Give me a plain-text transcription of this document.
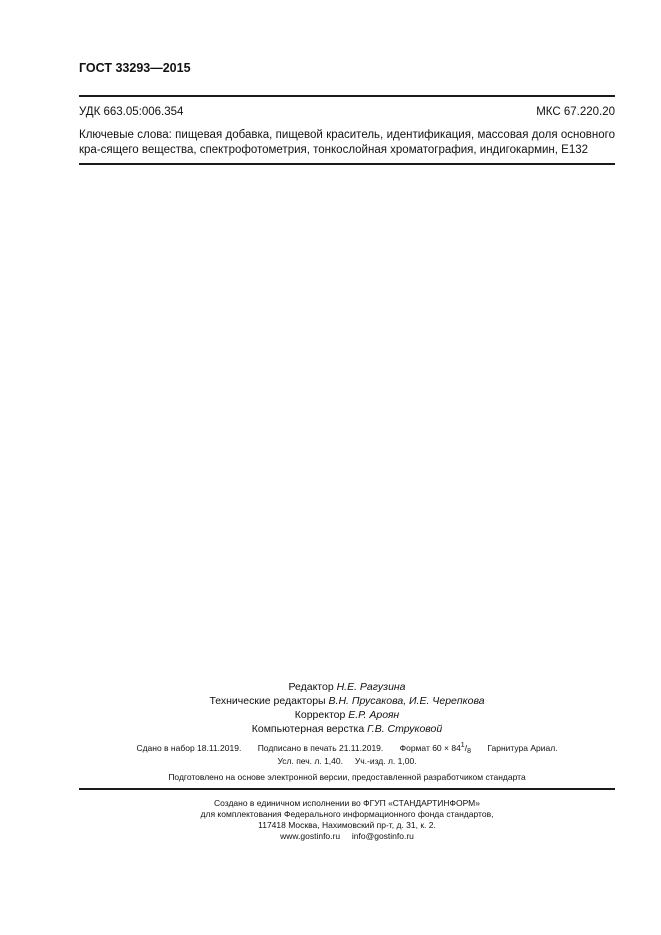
ГОСТ 33293—2015
УДК 663.05:006.354	МКС 67.220.20
Ключевые слова: пищевая добавка, пищевой краситель, идентификация, массовая доля основного кра-сящего вещества, спектрофотометрия, тонкослойная хроматография, индигокармин, E132
Редактор Н.Е. Рагузина
Технические редакторы В.Н. Прусакова, И.Е. Черепкова
Корректор Е.Р. Ароян
Компьютерная верстка Г.В. Струковой
Сдано в набор 18.11.2019. Подписано в печать 21.11.2019. Формат $60 \times 84^1/_8$ Гарнитура Ариал.
Усл. печ. л. 1,40. Уч.-изд. л. 1,00.
Подготовлено на основе электронной версии, предоставленной разработчиком стандарта
Создано в единичном исполнении во ФГУП «СТАНДАРТИНФОРМ»
для комплектования Федерального информационного фонда стандартов,
117418 Москва, Нахимовский пр-т, д. 31, к. 2.
www.gostinfo.ru info@gostinfo.ru
